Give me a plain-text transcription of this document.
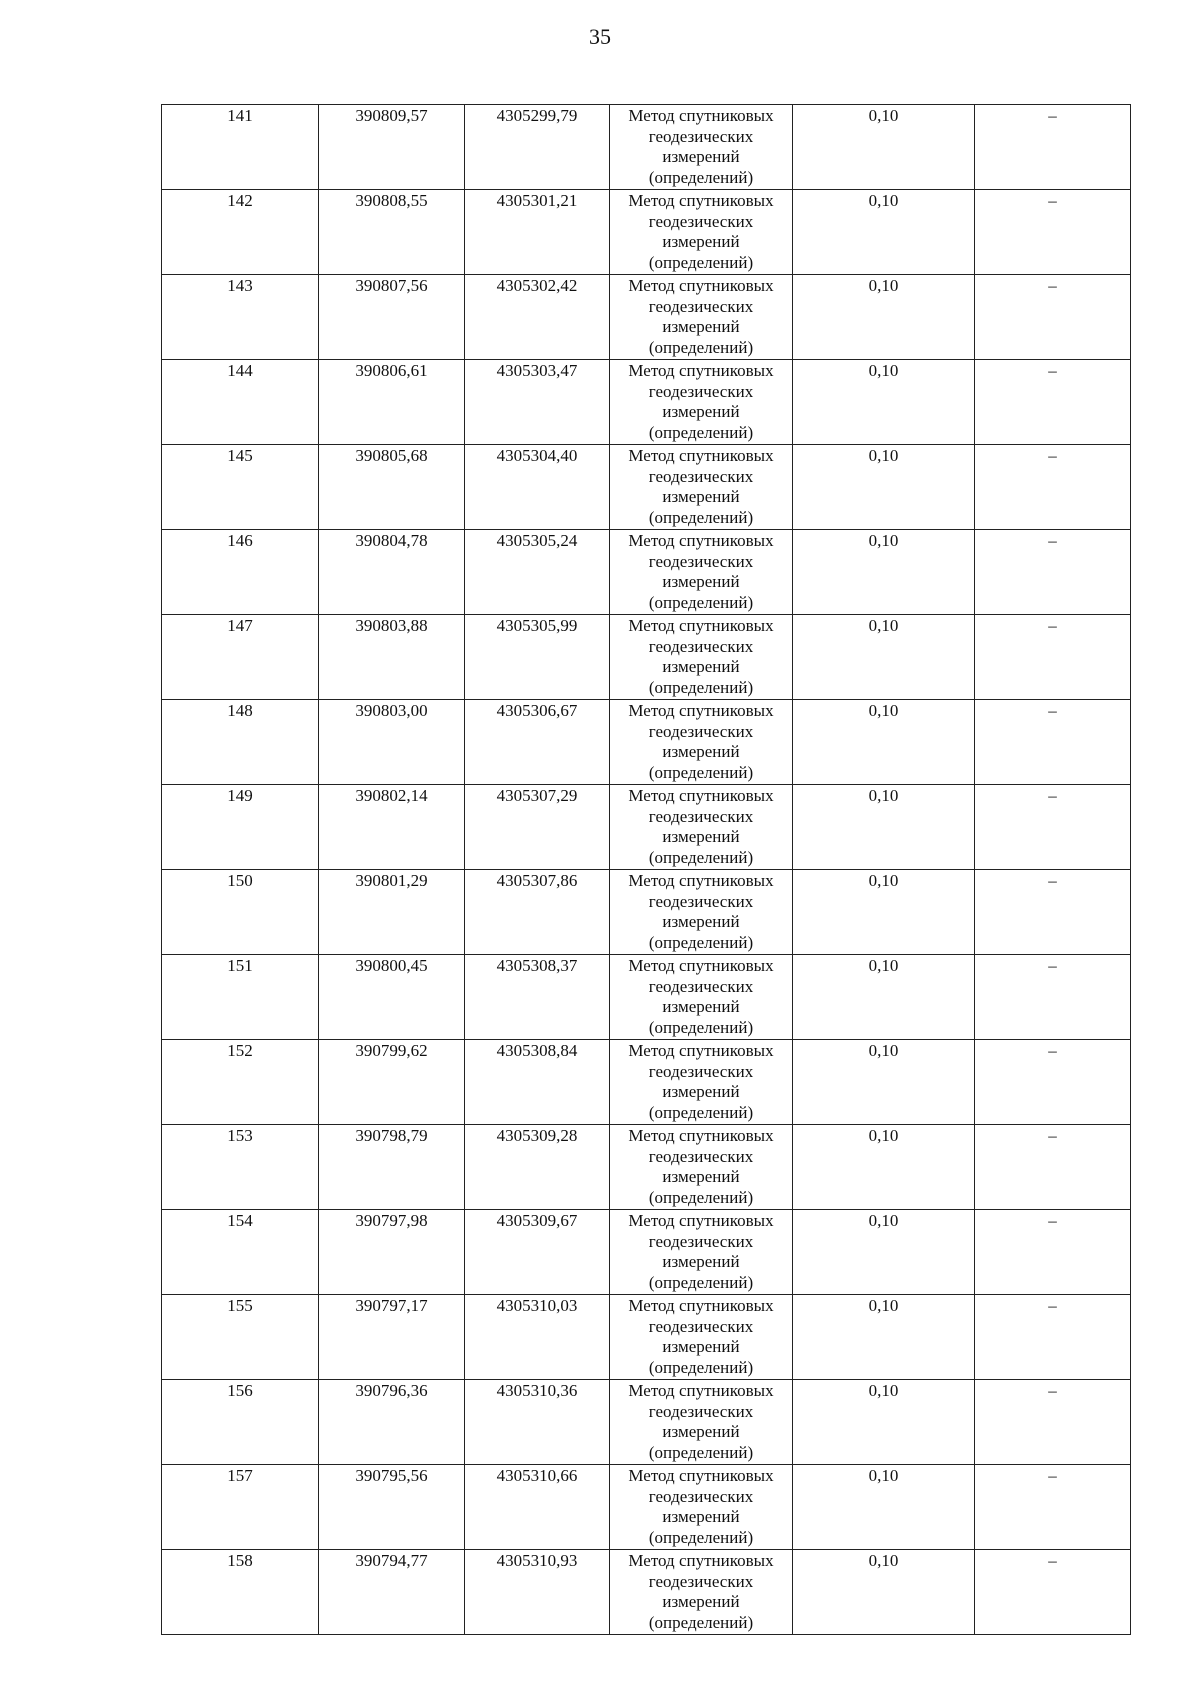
35
141	390809,57	4305299,79	Метод спутниковых
геодезических
измерений
(определений)	0,10	–
142	390808,55	4305301,21	Метод спутниковых
геодезических
измерений
(определений)	0,10	–
143	390807,56	4305302,42	Метод спутниковых
геодезических
измерений
(определений)	0,10	–
144	390806,61	4305303,47	Метод спутниковых
геодезических
измерений
(определений)	0,10	–
145	390805,68	4305304,40	Метод спутниковых
геодезических
измерений
(определений)	0,10	–
146	390804,78	4305305,24	Метод спутниковых
геодезических
измерений
(определений)	0,10	–
147	390803,88	4305305,99	Метод спутниковых
геодезических
измерений
(определений)	0,10	–
148	390803,00	4305306,67	Метод спутниковых
геодезических
измерений
(определений)	0,10	–
149	390802,14	4305307,29	Метод спутниковых
геодезических
измерений
(определений)	0,10	–
150	390801,29	4305307,86	Метод спутниковых
геодезических
измерений
(определений)	0,10	–
151	390800,45	4305308,37	Метод спутниковых
геодезических
измерений
(определений)	0,10	–
152	390799,62	4305308,84	Метод спутниковых
геодезических
измерений
(определений)	0,10	–
153	390798,79	4305309,28	Метод спутниковых
геодезических
измерений
(определений)	0,10	–
154	390797,98	4305309,67	Метод спутниковых
геодезических
измерений
(определений)	0,10	–
155	390797,17	4305310,03	Метод спутниковых
геодезических
измерений
(определений)	0,10	–
156	390796,36	4305310,36	Метод спутниковых
геодезических
измерений
(определений)	0,10	–
157	390795,56	4305310,66	Метод спутниковых
геодезических
измерений
(определений)	0,10	–
158	390794,77	4305310,93	Метод спутниковых
геодезических
измерений
(определений)	0,10	–
